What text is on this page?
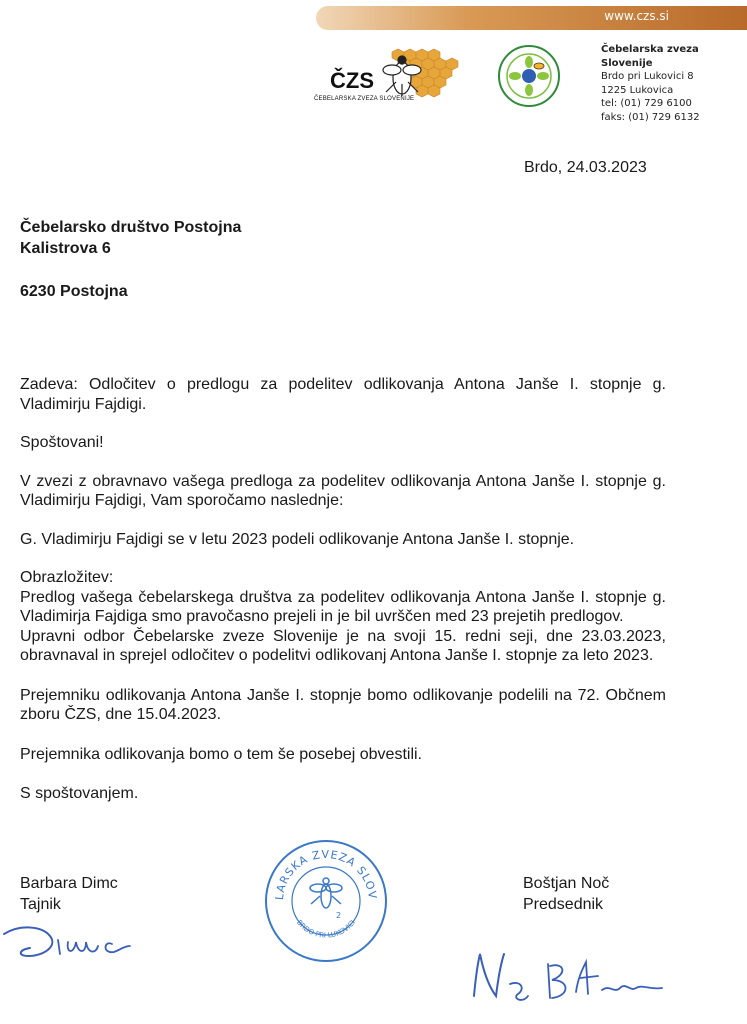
www.czs.si
ČZS
ČEBELARSKA ZVEZA SLOVENIJE
Čebelarska zveza Slovenije
Brdo pri Lukovici 8
1225 Lukovica
tel: (01) 729 6100
faks: (01) 729 6132
Brdo, 24.03.2023
Čebelarsko društvo Postojna
Kalistrova 6
6230 Postojna

Zadeva: Odločitev o predlogu za podelitev odlikovanja Antona Janše I. stopnje g. Vladimirju Fajdigi.

Spoštovani!

V zvezi z obravnavo vašega predloga za podelitev odlikovanja Antona Janše I. stopnje g. Vladimirju Fajdigi, Vam sporočamo naslednje:

G. Vladimirju Fajdigi se v letu 2023 podeli odlikovanje Antona Janše I. stopnje.

Obrazložitev:

Predlog vašega čebelarskega društva za podelitev odlikovanja Antona Janše I. stopnje g. Vladimirja Fajdiga smo pravočasno prejeli in je bil uvrščen med 23 prejetih predlogov.

Upravni odbor Čebelarske zveze Slovenije je na svoji 15. redni seji, dne 23.03.2023, obravnaval in sprejel odločitev o podelitvi odlikovanj Antona Janše I. stopnje za leto 2023.

Prejemniku odlikovanja Antona Janše I. stopnje bomo odlikovanje podelili na 72. Občnem zboru ČZS, dne 15.04.2023.

Prejemnika odlikovanja bomo o tem še posebej obvestili.

S spoštovanjem.

Barbara Dimc
Tajnik
Boštjan Noč
Predsednik
LARSKA ZVEZA SLOV
BRDO PRI LUKOVICI
2
